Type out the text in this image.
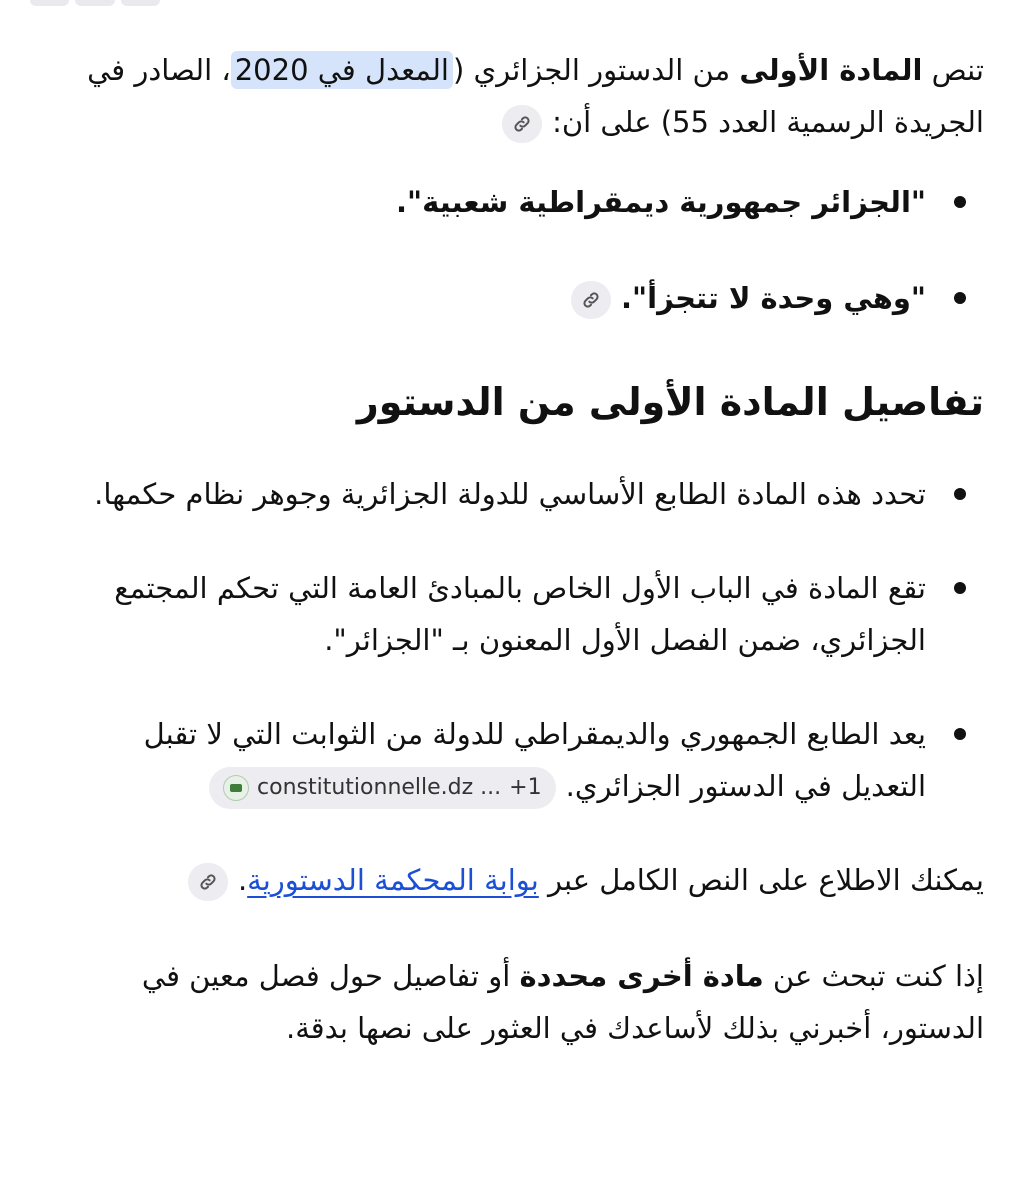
تنص المادة الأولى من الدستور الجزائري (المعدل في 2020، الصادر في الجريدة الرسمية العدد 55) على أن:

"الجزائر جمهورية ديمقراطية شعبية".
"وهي وحدة لا تتجزأ".
تفاصيل المادة الأولى من الدستور
تحدد هذه المادة الطابع الأساسي للدولة الجزائرية وجوهر نظام حكمها.
تقع المادة في الباب الأول الخاص بالمبادئ العامة التي تحكم المجتمع الجزائري، ضمن الفصل الأول المعنون بـ "الجزائر".
يعد الطابع الجمهوري والديمقراطي للدولة من الثوابت التي لا تقبل التعديل في الدستور الجزائري.
constitutionnelle.dz ... +1

يمكنك الاطلاع على النص الكامل عبر بوابة المحكمة الدستورية.

إذا كنت تبحث عن مادة أخرى محددة أو تفاصيل حول فصل معين في الدستور، أخبرني بذلك لأساعدك في العثور على نصها بدقة.
